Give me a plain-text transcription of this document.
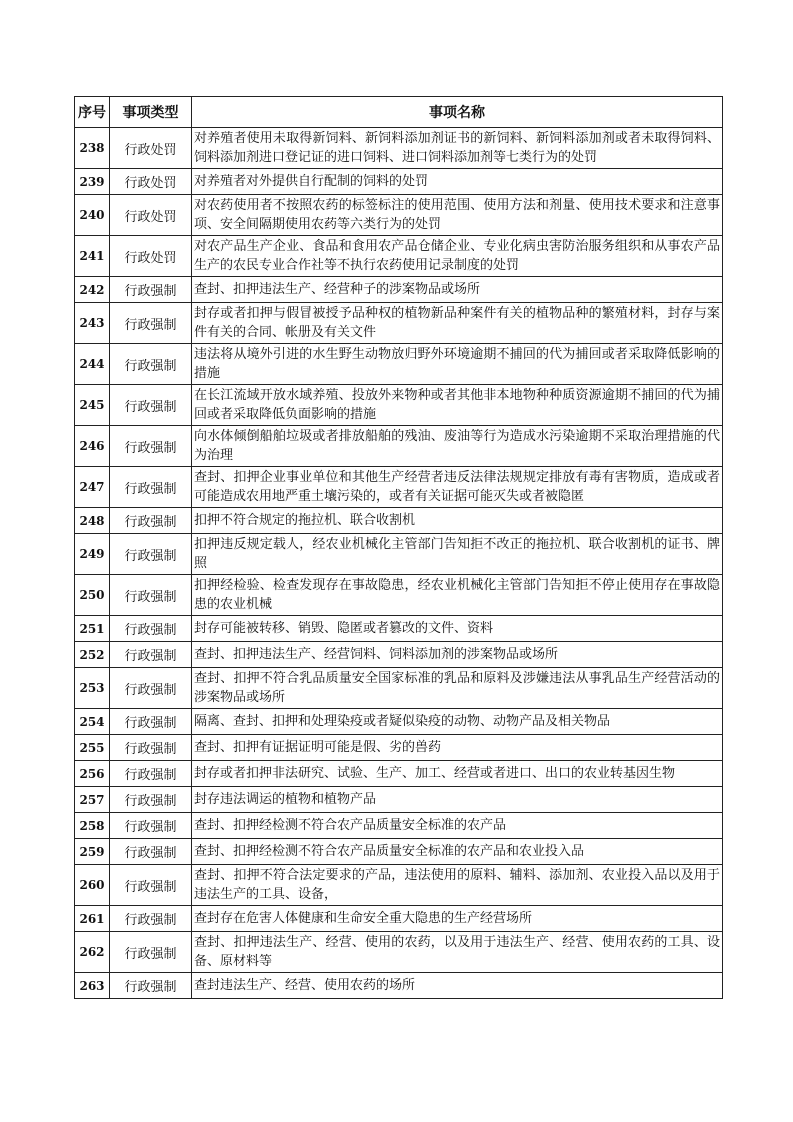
序号	事项类型	事项名称
238	行政处罚	对养殖者使用未取得新饲料、新饲料添加剂证书的新饲料、新饲料添加剂或者未取得饲料、饲料添加剂进口登记证的进口饲料、进口饲料添加剂等七类行为的处罚
239	行政处罚	对养殖者对外提供自行配制的饲料的处罚
240	行政处罚	对农药使用者不按照农药的标签标注的使用范围、使用方法和剂量、使用技术要求和注意事项、安全间隔期使用农药等六类行为的处罚
241	行政处罚	对农产品生产企业、食品和食用农产品仓储企业、专业化病虫害防治服务组织和从事农产品生产的农民专业合作社等不执行农药使用记录制度的处罚
242	行政强制	查封、扣押违法生产、经营种子的涉案物品或场所
243	行政强制	封存或者扣押与假冒被授予品种权的植物新品种案件有关的植物品种的繁殖材料，封存与案件有关的合同、帐册及有关文件
244	行政强制	违法将从境外引进的水生野生动物放归野外环境逾期不捕回的代为捕回或者采取降低影响的措施
245	行政强制	在长江流域开放水域养殖、投放外来物种或者其他非本地物种种质资源逾期不捕回的代为捕回或者采取降低负面影响的措施
246	行政强制	向水体倾倒船舶垃圾或者排放船舶的残油、废油等行为造成水污染逾期不采取治理措施的代为治理
247	行政强制	查封、扣押企业事业单位和其他生产经营者违反法律法规规定排放有毒有害物质，造成或者可能造成农用地严重土壤污染的，或者有关证据可能灭失或者被隐匿
248	行政强制	扣押不符合规定的拖拉机、联合收割机
249	行政强制	扣押违反规定载人，经农业机械化主管部门告知拒不改正的拖拉机、联合收割机的证书、牌照
250	行政强制	扣押经检验、检查发现存在事故隐患，经农业机械化主管部门告知拒不停止使用存在事故隐患的农业机械
251	行政强制	封存可能被转移、销毁、隐匿或者篡改的文件、资料
252	行政强制	查封、扣押违法生产、经营饲料、饲料添加剂的涉案物品或场所
253	行政强制	查封、扣押不符合乳品质量安全国家标准的乳品和原料及涉嫌违法从事乳品生产经营活动的涉案物品或场所
254	行政强制	隔离、查封、扣押和处理染疫或者疑似染疫的动物、动物产品及相关物品
255	行政强制	查封、扣押有证据证明可能是假、劣的兽药
256	行政强制	封存或者扣押非法研究、试验、生产、加工、经营或者进口、出口的农业转基因生物
257	行政强制	封存违法调运的植物和植物产品
258	行政强制	查封、扣押经检测不符合农产品质量安全标准的农产品
259	行政强制	查封、扣押经检测不符合农产品质量安全标准的农产品和农业投入品
260	行政强制	查封、扣押不符合法定要求的产品，违法使用的原料、辅料、添加剂、农业投入品以及用于违法生产的工具、设备，
261	行政强制	查封存在危害人体健康和生命安全重大隐患的生产经营场所
262	行政强制	查封、扣押违法生产、经营、使用的农药，以及用于违法生产、经营、使用农药的工具、设备、原材料等
263	行政强制	查封违法生产、经营、使用农药的场所
